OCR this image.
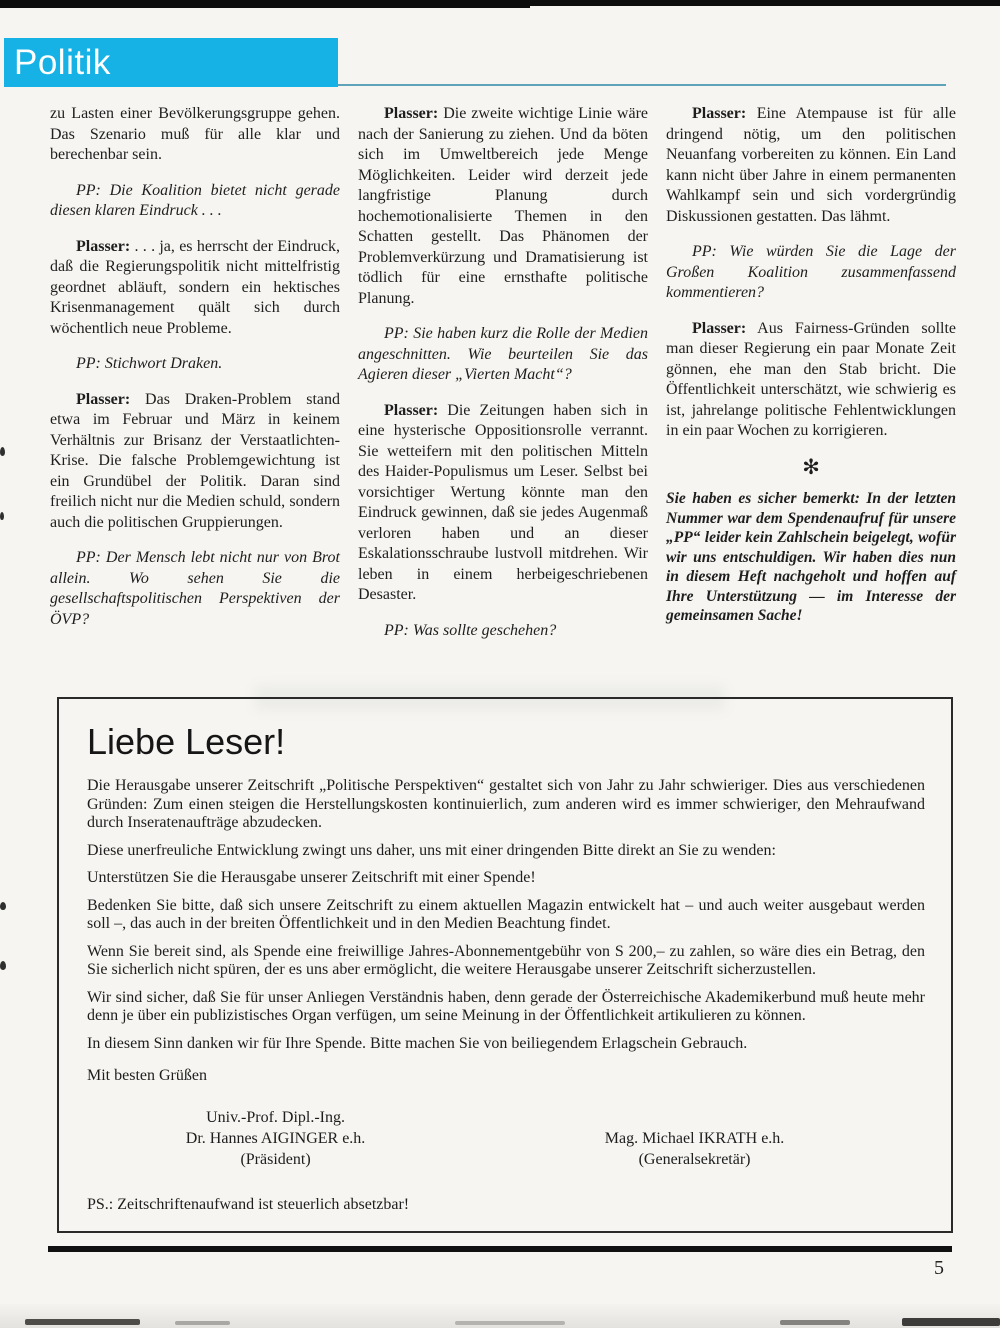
Politik

zu Lasten einer Bevölkerungsgruppe gehen. Das Szenario muß für alle klar und berechenbar sein.

PP: Die Koalition bietet nicht gerade diesen klaren Eindruck . . .

Plasser: . . . ja, es herrscht der Eindruck, daß die Regierungspolitik nicht mittelfristig geordnet abläuft, sondern ein hektisches Krisenmanagement quält sich durch wöchentlich neue Probleme.

PP: Stichwort Draken.

Plasser: Das Draken-Problem stand etwa im Februar und März in keinem Verhältnis zur Brisanz der Verstaatlichten-Krise. Die falsche Problemgewichtung ist ein Grundübel der Politik. Daran sind freilich nicht nur die Medien schuld, sondern auch die politischen Gruppierungen.

PP: Der Mensch lebt nicht nur von Brot allein. Wo sehen Sie die gesellschaftspolitischen Perspektiven der ÖVP?

Plasser: Die zweite wichtige Linie wäre nach der Sanierung zu ziehen. Und da böten sich im Umweltbereich jede Menge Möglichkeiten. Leider wird derzeit jede langfristige Planung durch hochemotionalisierte Themen in den Schatten gestellt. Das Phänomen der Problemverkürzung und Dramatisierung ist tödlich für eine ernsthafte politische Planung.

PP: Sie haben kurz die Rolle der Medien angeschnitten. Wie beurteilen Sie das Agieren dieser „Vierten Macht“?

Plasser: Die Zeitungen haben sich in eine hysterische Oppositionsrolle verrannt. Sie wetteifern mit den politischen Mitteln des Haider-Populismus um Leser. Selbst bei vorsichtiger Wertung könnte man den Eindruck gewinnen, daß sie jedes Augenmaß verloren haben und an dieser Eskalationsschraube lustvoll mitdrehen. Wir leben in einem herbeigeschriebenen Desaster.

PP: Was sollte geschehen?

Plasser: Eine Atempause ist für alle dringend nötig, um den politischen Neuanfang vorbereiten zu können. Ein Land kann nicht über Jahre in einem permanenten Wahlkampf sein und sich vordergründig Diskussionen gestatten. Das lähmt.

PP: Wie würden Sie die Lage der Großen Koalition zusammenfassend kommentieren?

Plasser: Aus Fairness-Gründen sollte man dieser Regierung ein paar Monate Zeit gönnen, ehe man den Stab bricht. Die Öffentlichkeit unterschätzt, wie schwierig es ist, jahrelange politische Fehlentwicklungen in ein paar Wochen zu korrigieren.

✻

Sie haben es sicher bemerkt: In der letzten Nummer war dem Spendenaufruf für unsere „PP“ leider kein Zahlschein beigelegt, wofür wir uns entschuldigen. Wir haben dies nun in diesem Heft nachgeholt und hoffen auf Ihre Unterstützung — im Interesse der gemeinsamen Sache!

Liebe Leser!

Die Herausgabe unserer Zeitschrift „Politische Perspektiven“ gestaltet sich von Jahr zu Jahr schwieriger. Dies aus verschiedenen Gründen: Zum einen steigen die Herstellungskosten kontinuierlich, zum anderen wird es immer schwieriger, den Mehraufwand durch Inseratenaufträge abzudecken.

Diese unerfreuliche Entwicklung zwingt uns daher, uns mit einer dringenden Bitte direkt an Sie zu wenden:

Unterstützen Sie die Herausgabe unserer Zeitschrift mit einer Spende!

Bedenken Sie bitte, daß sich unsere Zeitschrift zu einem aktuellen Magazin entwickelt hat – und auch weiter ausgebaut werden soll –, das auch in der breiten Öffentlichkeit und in den Medien Beachtung findet.

Wenn Sie bereit sind, als Spende eine freiwillige Jahres-Abonnementgebühr von S 200,– zu zahlen, so wäre dies ein Betrag, den Sie sicherlich nicht spüren, der es uns aber ermöglicht, die weitere Herausgabe unserer Zeitschrift sicherzustellen.

Wir sind sicher, daß Sie für unser Anliegen Verständnis haben, denn gerade der Österreichische Akademikerbund muß heute mehr denn je über ein publizistisches Organ verfügen, um seine Meinung in der Öffentlichkeit artikulieren zu können.

In diesem Sinn danken wir für Ihre Spende. Bitte machen Sie von beiliegendem Erlagschein Gebrauch.

Mit besten Grüßen
Univ.-Prof. Dipl.-Ing.
Dr. Hannes AIGINGER e.h.
(Präsident)
Mag. Michael IKRATH e.h.
(Generalsekretär)
PS.: Zeitschriftenaufwand ist steuerlich absetzbar!
5
